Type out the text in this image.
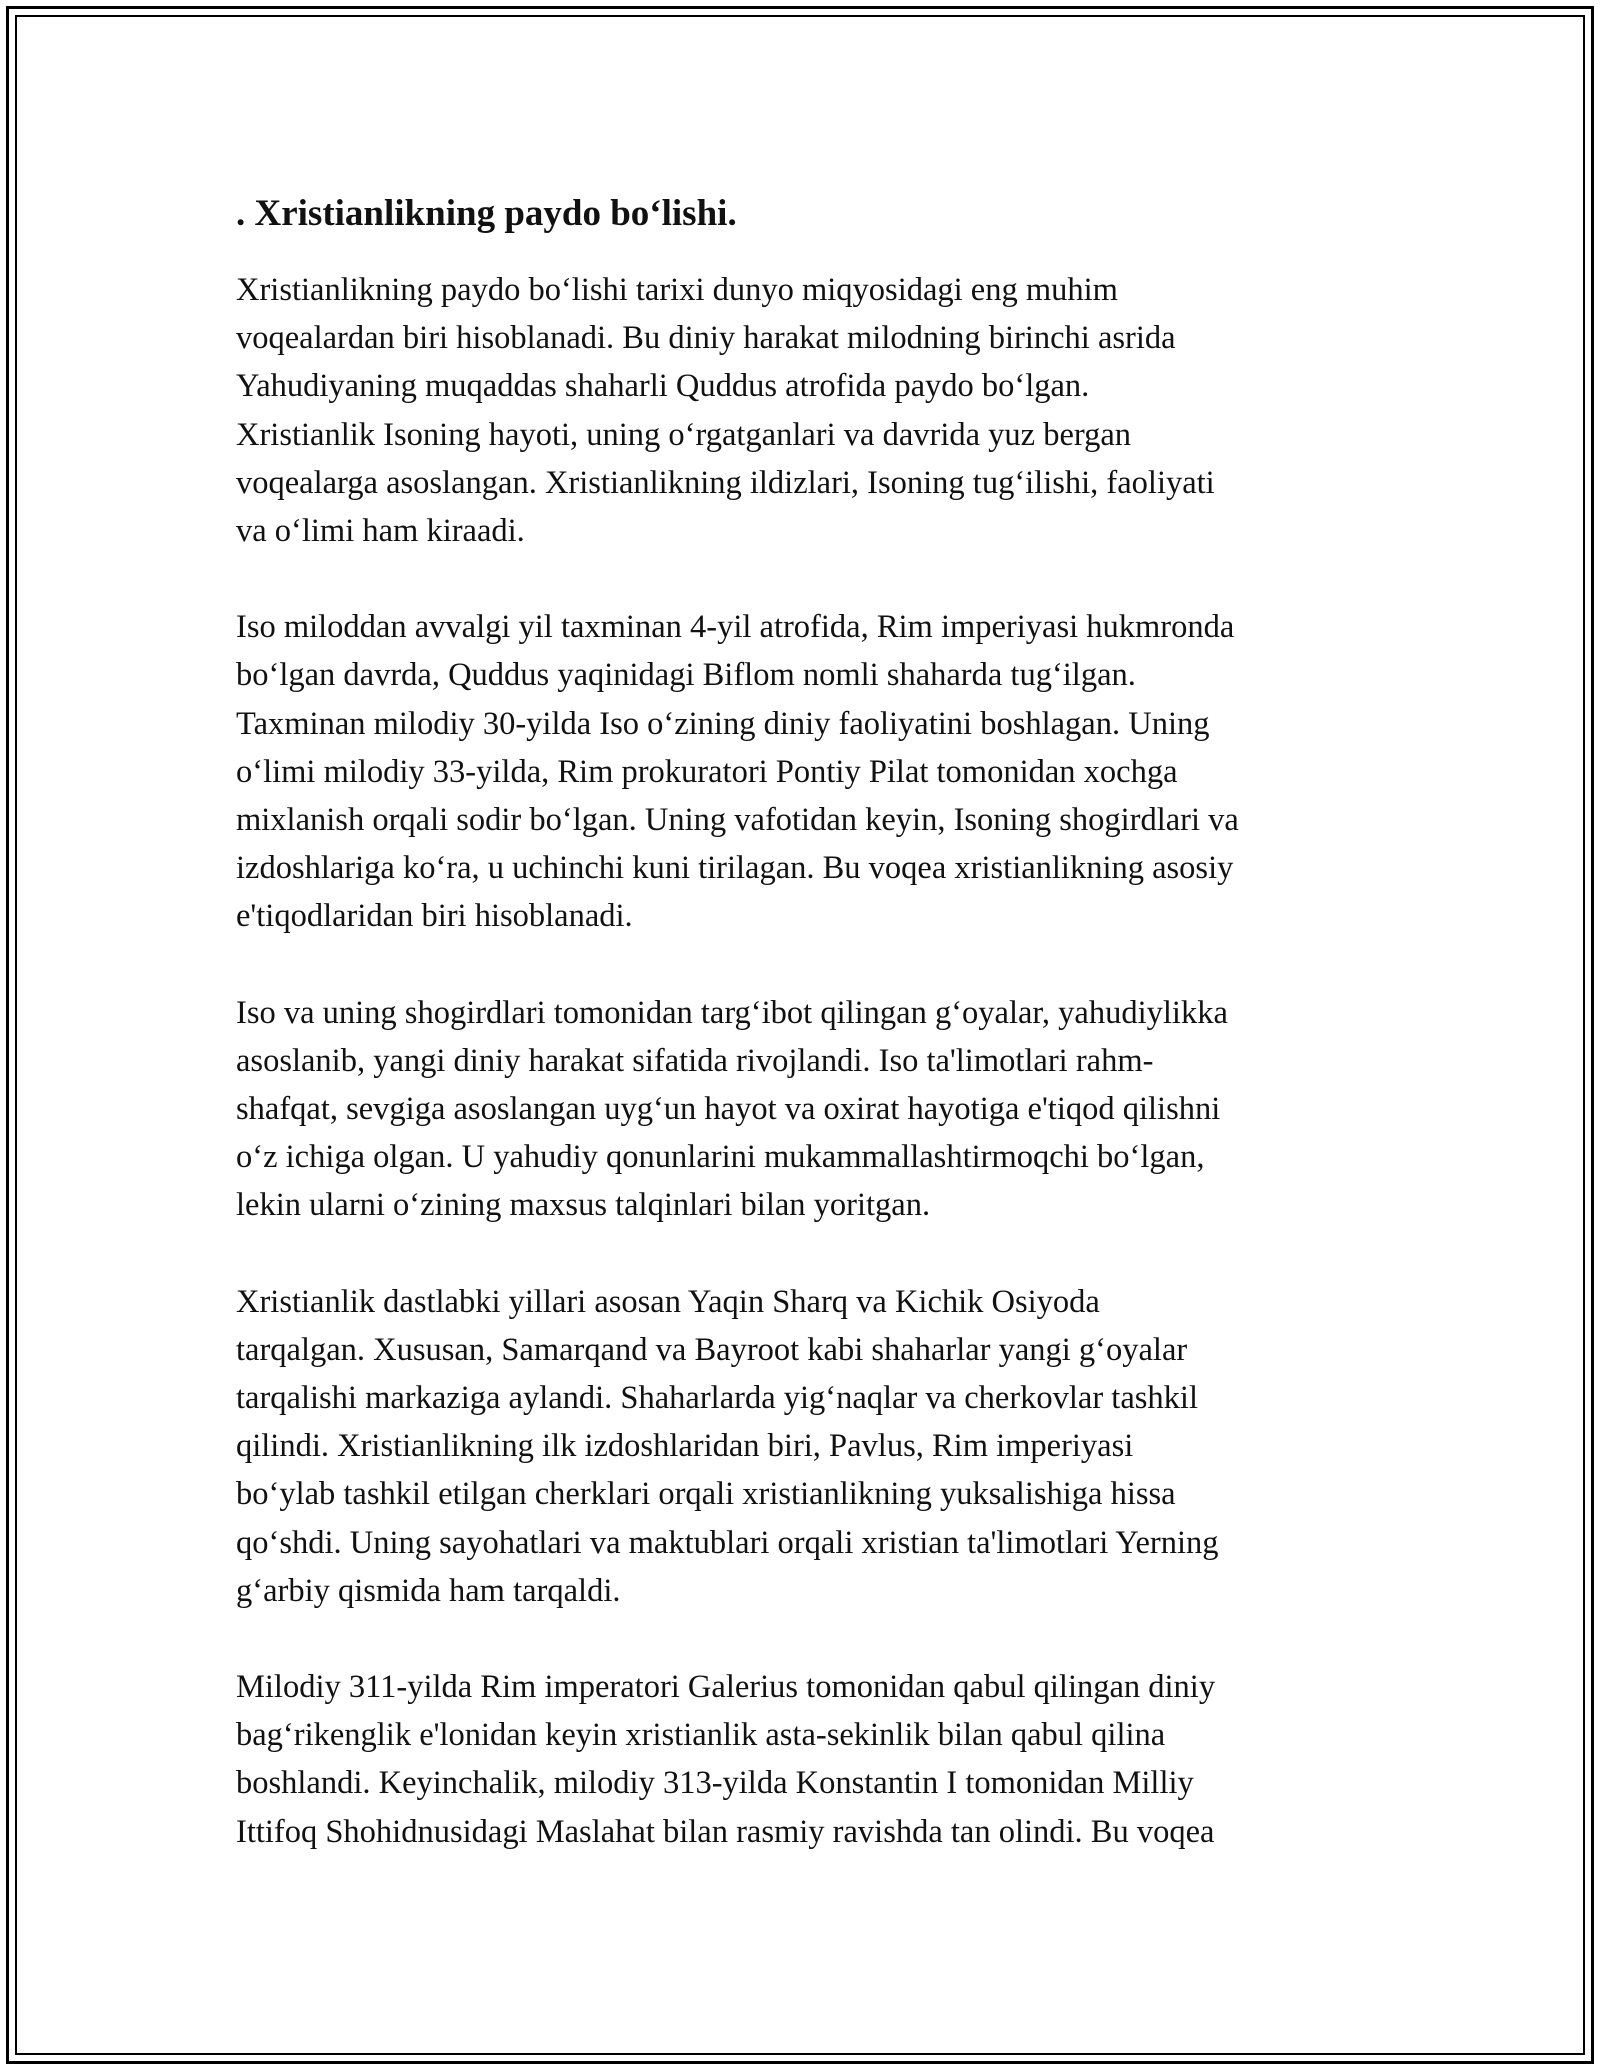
. Xristianlikning paydo bo‘lishi.

Xristianlikning paydo bo‘lishi tarixi dunyo miqyosidagi eng muhim
voqealardan biri hisoblanadi. Bu diniy harakat milodning birinchi asrida
Yahudiyaning muqaddas shaharli Quddus atrofida paydo bo‘lgan.
Xristianlik Isoning hayoti, uning o‘rgatganlari va davrida yuz bergan
voqealarga asoslangan. Xristianlikning ildizlari, Isoning tug‘ilishi, faoliyati
va o‘limi ham kiraadi.

Iso miloddan avvalgi yil taxminan 4-yil atrofida, Rim imperiyasi hukmronda
bo‘lgan davrda, Quddus yaqinidagi Biflom nomli shaharda tug‘ilgan.
Taxminan milodiy 30-yilda Iso o‘zining diniy faoliyatini boshlagan. Uning
o‘limi milodiy 33-yilda, Rim prokuratori Pontiy Pilat tomonidan xochga
mixlanish orqali sodir bo‘lgan. Uning vafotidan keyin, Isoning shogirdlari va
izdoshlariga ko‘ra, u uchinchi kuni tirilagan. Bu voqea xristianlikning asosiy
e'tiqodlaridan biri hisoblanadi.

Iso va uning shogirdlari tomonidan targ‘ibot qilingan g‘oyalar, yahudiylikka
asoslanib, yangi diniy harakat sifatida rivojlandi. Iso ta'limotlari rahm-
shafqat, sevgiga asoslangan uyg‘un hayot va oxirat hayotiga e'tiqod qilishni
o‘z ichiga olgan. U yahudiy qonunlarini mukammallashtirmoqchi bo‘lgan,
lekin ularni o‘zining maxsus talqinlari bilan yoritgan.

Xristianlik dastlabki yillari asosan Yaqin Sharq va Kichik Osiyoda
tarqalgan. Xususan, Samarqand va Bayroot kabi shaharlar yangi g‘oyalar
tarqalishi markaziga aylandi. Shaharlarda yig‘naqlar va cherkovlar tashkil
qilindi. Xristianlikning ilk izdoshlaridan biri, Pavlus, Rim imperiyasi
bo‘ylab tashkil etilgan cherklari orqali xristianlikning yuksalishiga hissa
qo‘shdi. Uning sayohatlari va maktublari orqali xristian ta'limotlari Yerning
g‘arbiy qismida ham tarqaldi.

Milodiy 311-yilda Rim imperatori Galerius tomonidan qabul qilingan diniy
bag‘rikenglik e'lonidan keyin xristianlik asta-sekinlik bilan qabul qilina
boshlandi. Keyinchalik, milodiy 313-yilda Konstantin I tomonidan Milliy
Ittifoq Shohidnusidagi Maslahat bilan rasmiy ravishda tan olindi. Bu voqea
